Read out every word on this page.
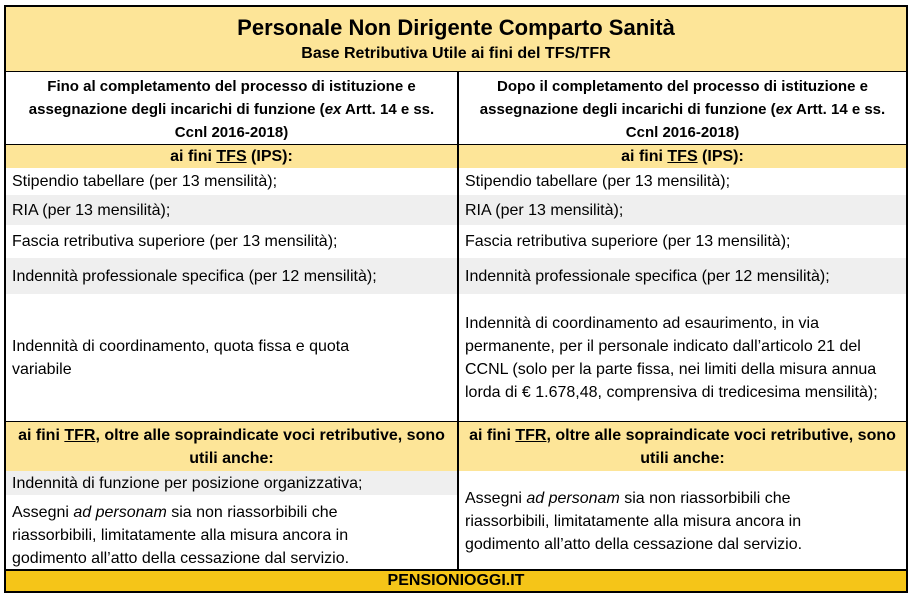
Personale Non Dirigente Comparto Sanità
Base Retributiva Utile ai fini del TFS/TFR
Fino al completamento del processo di istituzione e assegnazione degli incarichi di funzione (ex Artt. 14 e ss. Ccnl 2016-2018)
ai fini TFS (IPS):
Stipendio tabellare (per 13 mensilità);
RIA (per 13 mensilità);
Fascia retributiva superiore (per 13 mensilità);
Indennità professionale specifica (per 12 mensilità);
Indennità di coordinamento, quota fissa e quota variabile
ai fini TFR, oltre alle sopraindicate voci retributive, sono utili anche:
Indennità di funzione per posizione organizzativa;
Assegni ad personam sia non riassorbibili che riassorbibili, limitatamente alla misura ancora in godimento all’atto della cessazione dal servizio.
Dopo il completamento del processo di istituzione e assegnazione degli incarichi di funzione (ex Artt. 14 e ss. Ccnl 2016-2018)
ai fini TFS (IPS):
Stipendio tabellare (per 13 mensilità);
RIA (per 13 mensilità);
Fascia retributiva superiore (per 13 mensilità);
Indennità professionale specifica (per 12 mensilità);
Indennità di coordinamento ad esaurimento, in via permanente, per il personale indicato dall’articolo 21 del CCNL (solo per la parte fissa, nei limiti della misura annua lorda di € 1.678,48, comprensiva di tredicesima mensilità);
ai fini TFR, oltre alle sopraindicate voci retributive, sono utili anche:
Assegni ad personam sia non riassorbibili che riassorbibili, limitatamente alla misura ancora in godimento all’atto della cessazione dal servizio.
PENSIONIOGGI.IT
